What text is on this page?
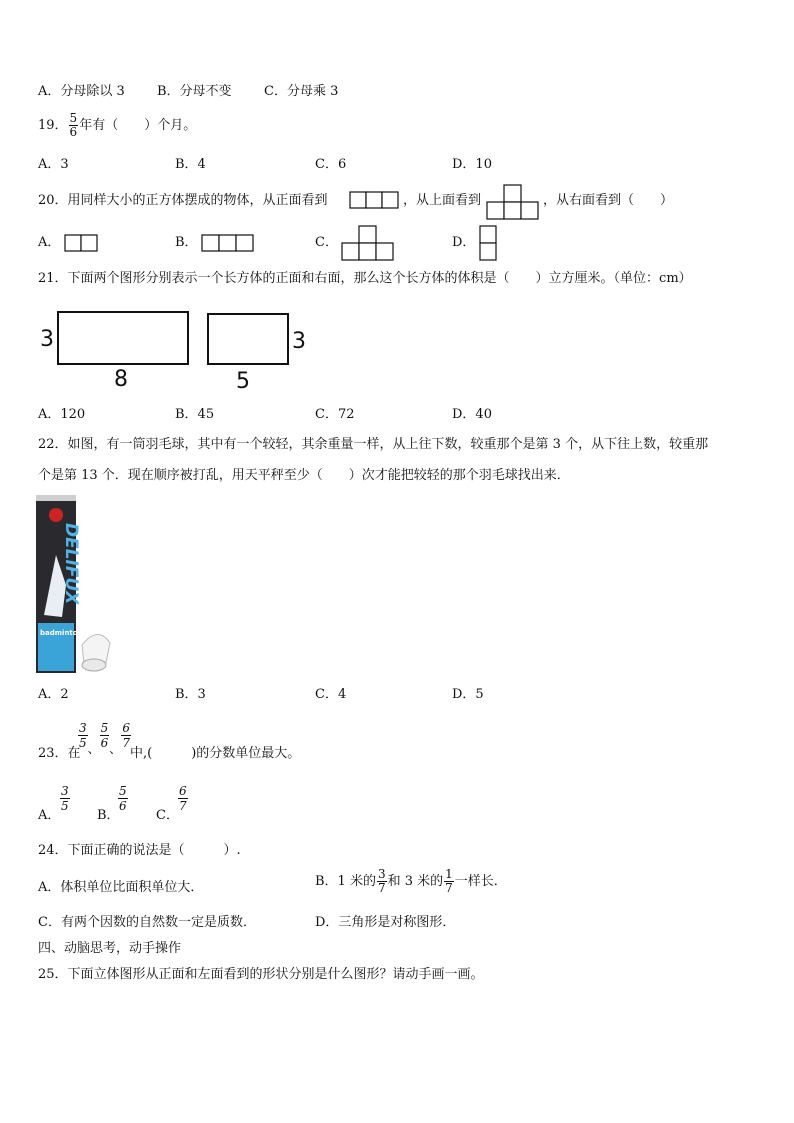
A．分母除以 3 B．分母不变 C．分母乘 3
19． $\frac{5}{6}$ 年有（　　）个月。
A．3	B．4	C．6	D．10
20．用同样大小的正方体摆成的物体，从正面看到	，从上面看到	，从右面看到（　　）
A．	B．	C．	D．
21．下面两个图形分别表示一个长方体的正面和右面，那么这个长方体的体积是（　　）立方厘米。（单位：cm）
3
8
3
5
A．120	B．45	C．72	D．40
22．如图，有一筒羽毛球，其中有一个较轻，其余重量一样，从上往下数，较重那个是第 3 个，从下往上数，较重那
个是第 13 个．现在顺序被打乱，用天平秤至少（　　）次才能把较轻的那个羽毛球找出来．
DELIFUX
badminton
A．2	B．3	C．4	D．5
23．在
$\frac{3}{5}$ 、 $\frac{5}{6}$ 、 $\frac{6}{7}$
中,(　　　)的分数单位最大。
A．
$\frac{3}{5}$
B．
$\frac{5}{6}$
C．
$\frac{6}{7}$
24．下面正确的说法是（　　　）.
A．体积单位比面积单位大．	B．1 米的 $\frac{3}{7}$ 和 3 米的 $\frac{1}{7}$ 一样长．
C．有两个因数的自然数一定是质数．	D．三角形是对称图形．
四、动脑思考，动手操作
25．下面立体图形从正面和左面看到的形状分别是什么图形？请动手画一画。
